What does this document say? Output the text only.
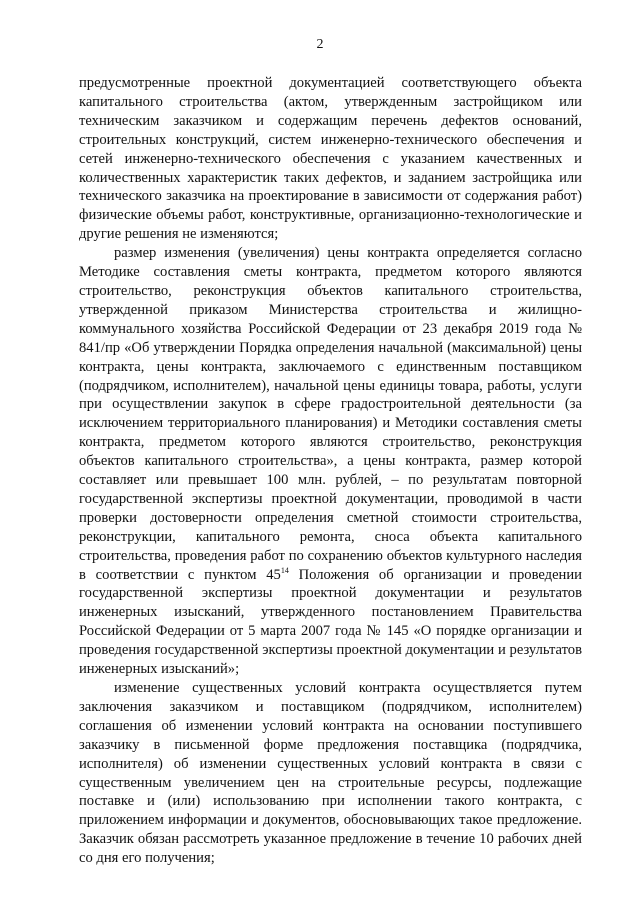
2

предусмотренные проектной документацией соответствующего объекта капитального строительства (актом, утвержденным застройщиком или техническим заказчиком и содержащим перечень дефектов оснований, строительных конструкций, систем инженерно-технического обеспечения и сетей инженерно-технического обеспечения с указанием качественных и количественных характеристик таких дефектов, и заданием застройщика или технического заказчика на проектирование в зависимости от содержания работ) физические объемы работ, конструктивные, организационно-технологические и другие решения не изменяются;

размер изменения (увеличения) цены контракта определяется согласно Методике составления сметы контракта, предметом которого являются строительство, реконструкция объектов капитального строительства, утвержденной приказом Министерства строительства и жилищно-коммунального хозяйства Российской Федерации от 23 декабря 2019 года № 841/пр «Об утверждении Порядка определения начальной (максимальной) цены контракта, цены контракта, заключаемого с единственным поставщиком (подрядчиком, исполнителем), начальной цены единицы товара, работы, услуги при осуществлении закупок в сфере градостроительной деятельности (за исключением территориального планирования) и Методики составления сметы контракта, предметом которого являются строительство, реконструкция объектов капитального строительства», а цены контракта, размер которой составляет или превышает 100 млн. рублей, – по результатам повторной государственной экспертизы проектной документации, проводимой в части проверки достоверности определения сметной стоимости строительства, реконструкции, капитального ремонта, сноса объекта капитального строительства, проведения работ по сохранению объектов культурного наследия в соответствии с пунктом $45^{14}$ Положения об организации и проведении государственной экспертизы проектной документации и результатов инженерных изысканий, утвержденного постановлением Правительства Российской Федерации от 5 марта 2007 года № 145 «О порядке организации и проведения государственной экспертизы проектной документации и результатов инженерных изысканий»;

изменение существенных условий контракта осуществляется путем заключения заказчиком и поставщиком (подрядчиком, исполнителем) соглашения об изменении условий контракта на основании поступившего заказчику в письменной форме предложения поставщика (подрядчика, исполнителя) об изменении существенных условий контракта в связи с существенным увеличением цен на строительные ресурсы, подлежащие поставке и (или) использованию при исполнении такого контракта, с приложением информации и документов, обосновывающих такое предложение. Заказчик обязан рассмотреть указанное предложение в течение 10 рабочих дней со дня его получения;
